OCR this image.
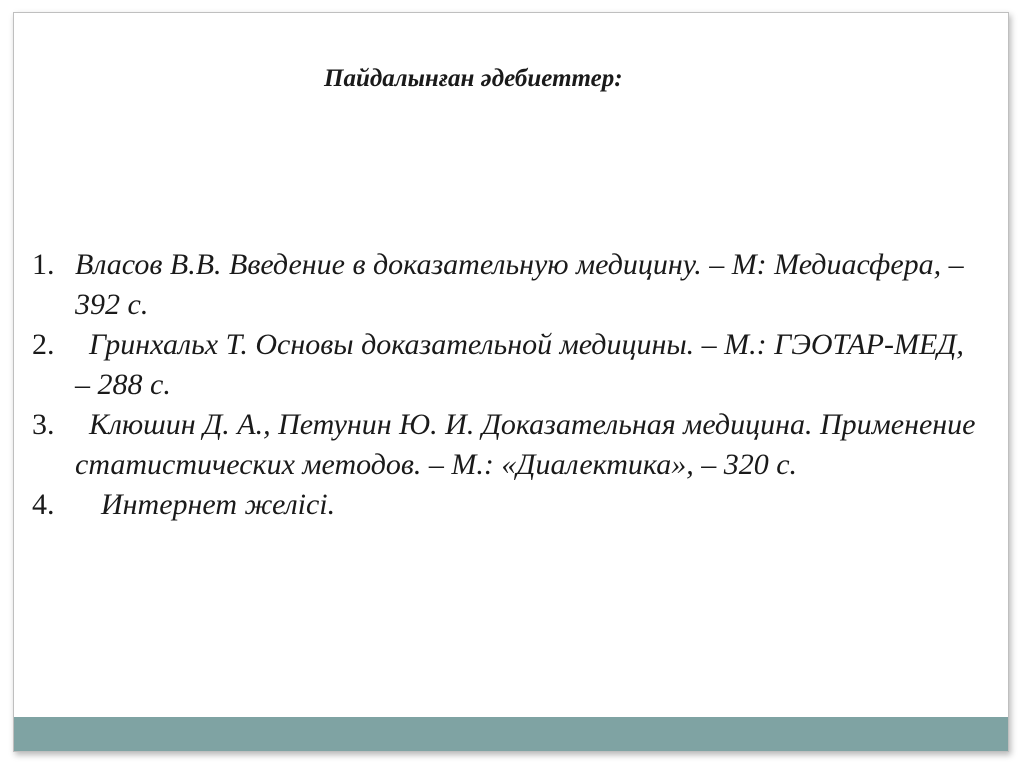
Пайдалынған әдебиеттер:
1. Власов В.В. Введение в доказательную медицину. – М: Медиасфера, – 392 с.
2.	Гринхальх Т. Основы доказательной медицины. – М.: ГЭОТАР-МЕД, – 288 с.
3.	Клюшин Д. А., Петунин Ю. И. Доказательная медицина. Применение статистических методов. – М.: «Диалектика», – 320 с.
4.	Интернет желісі.
